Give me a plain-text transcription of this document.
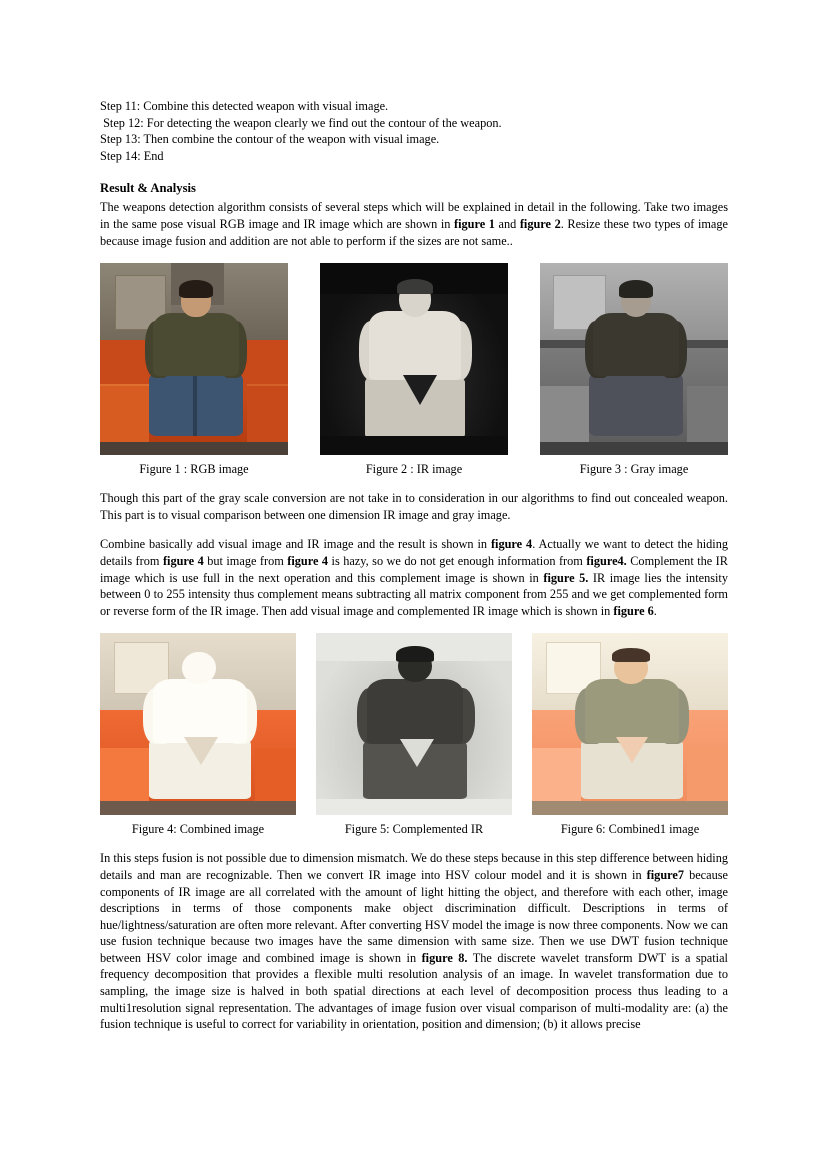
Step 11: Combine this detected weapon with visual image.

Step 12: For detecting the weapon clearly we find out the contour of the weapon.

Step 13: Then combine the contour of the weapon with visual image.

Step 14: End

Result & Analysis

The weapons detection algorithm consists of several steps which will be explained in detail in the following. Take two images in the same pose visual RGB image and IR image which are shown in figure 1 and figure 2. Resize these two types of image because image fusion and addition are not able to perform if the sizes are not same..

Figure 1 : RGB image	Figure 2 : IR image	Figure 3 : Gray image

Though this part of the gray scale conversion are not take in to consideration in our algorithms to find out concealed weapon. This part is to visual comparison between one dimension IR image and gray image.

Combine basically add visual image and IR image and the result is shown in figure 4. Actually we want to detect the hiding details from figure 4 but image from figure 4 is hazy, so we do not get enough information from figure4. Complement the IR image which is use full in the next operation and this complement image is shown in figure 5. IR image lies the intensity between 0 to 255 intensity thus complement means subtracting all matrix component from 255 and we get complemented form or reverse form of the IR image. Then add visual image and complemented IR image which is shown in figure 6.

Figure 4: Combined image	Figure 5: Complemented IR	Figure 6: Combined1 image

In this steps fusion is not possible due to dimension mismatch. We do these steps because in this step difference between hiding details and man are recognizable. Then we convert IR image into HSV colour model and it is shown in figure7 because components of IR image are all correlated with the amount of light hitting the object, and therefore with each other, image descriptions in terms of those components make object discrimination difficult. Descriptions in terms of hue/lightness/saturation are often more relevant. After converting HSV model the image is now three components. Now we can use fusion technique because two images have the same dimension with same size. Then we use DWT fusion technique between HSV color image and combined image is shown in figure 8. The discrete wavelet transform DWT is a spatial frequency decomposition that provides a flexible multi resolution analysis of an image. In wavelet transformation due to sampling, the image size is halved in both spatial directions at each level of decomposition process thus leading to a multi1resolution signal representation. The advantages of image fusion over visual comparison of multi-modality are: (a) the fusion technique is useful to correct for variability in orientation, position and dimension; (b) it allows precise
